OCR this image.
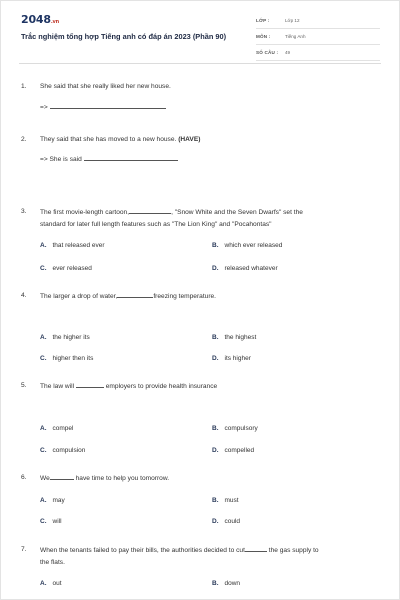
2048.vn
Trắc nghiệm tổng hợp Tiếng anh có đáp án 2023 (Phần 90)
LỚP :	Lớp 12
MÔN :	Tiếng Anh
SỐ CÂU : 49
1. She said that she really liked her new house.
=>
2. They said that she has moved to a new house. (HAVE)
=> She is said
3. The first movie-length cartoon,	, "Snow White and the Seven Dwarfs" set the
standard for later full length features such as "The Lion King" and "Pocahontas"
A. that released ever	B. which ever released
C. ever released	D. released whatever
4. The larger a drop of water,	freezing temperature.
A. the higher its	B. the highest
C. higher then its	D. its higher
5. The law will	employers to provide health insurance
A. compel	B. compulsory
C. compulsion	D. compelled
6. We	have time to help you tomorrow.
A. may	B. must
C. will	D. could
7. When the tenants failed to pay their bills, the authorities decided to cut	the gas supply to
the flats.
A. out	B. down
